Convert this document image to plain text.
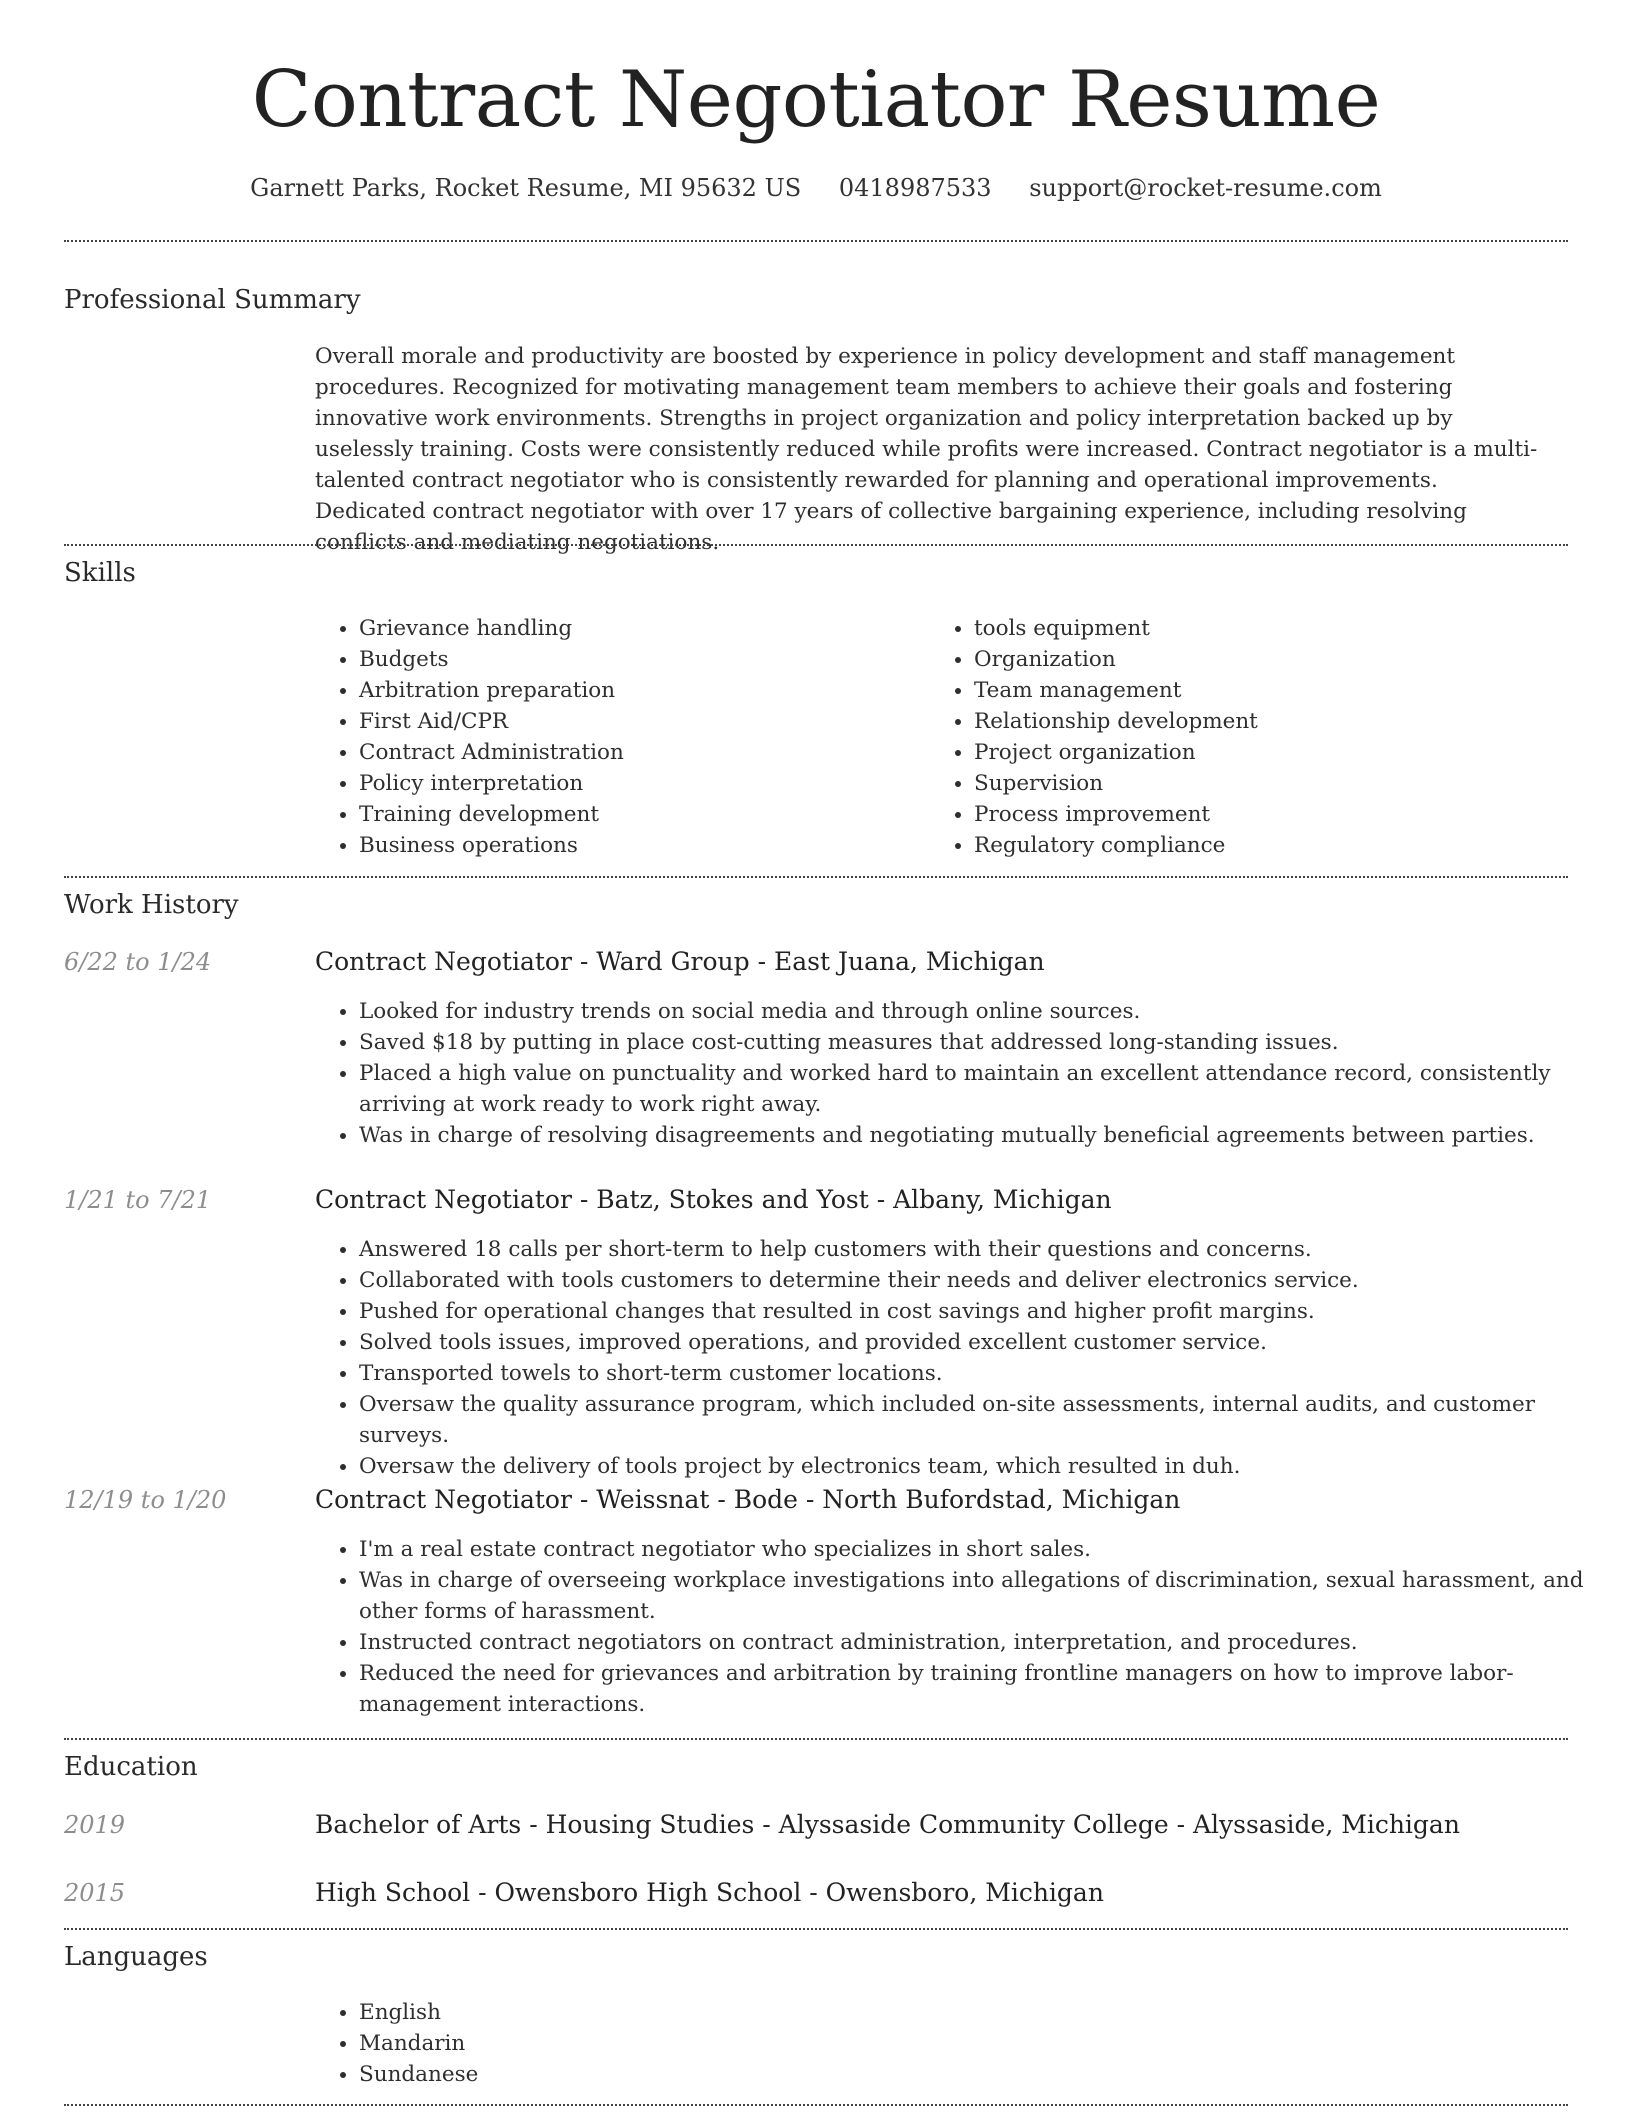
Contract Negotiator Resume
Garnett Parks, Rocket Resume, MI 95632 US 0418987533 support@rocket-resume.com
Professional Summary

Overall morale and productivity are boosted by experience in policy development and staff management procedures. Recognized for motivating management team members to achieve their goals and fostering innovative work environments. Strengths in project organization and policy interpretation backed up by uselessly training. Costs were consistently reduced while profits were increased. Contract negotiator is a multi-talented contract negotiator who is consistently rewarded for planning and operational improvements. Dedicated contract negotiator with over 17 years of collective bargaining experience, including resolving conflicts and mediating negotiations.

Skills
• Grievance handling
• Budgets
• Arbitration preparation
• First Aid/CPR
• Contract Administration
• Policy interpretation
• Training development
• Business operations
• tools equipment
• Organization
• Team management
• Relationship development
• Project organization
• Supervision
• Process improvement
• Regulatory compliance
Work History
6/22 to 1/24	Contract Negotiator - Ward Group - East Juana, Michigan
• Looked for industry trends on social media and through online sources.
• Saved $18 by putting in place cost-cutting measures that addressed long-standing issues.
• Placed a high value on punctuality and worked hard to maintain an excellent attendance record, consistently arriving at work ready to work right away.
• Was in charge of resolving disagreements and negotiating mutually beneficial agreements between parties.
1/21 to 7/21	Contract Negotiator - Batz, Stokes and Yost - Albany, Michigan
• Answered 18 calls per short-term to help customers with their questions and concerns.
• Collaborated with tools customers to determine their needs and deliver electronics service.
• Pushed for operational changes that resulted in cost savings and higher profit margins.
• Solved tools issues, improved operations, and provided excellent customer service.
• Transported towels to short-term customer locations.
• Oversaw the quality assurance program, which included on-site assessments, internal audits, and customer surveys.
• Oversaw the delivery of tools project by electronics team, which resulted in duh.
12/19 to 1/20	Contract Negotiator - Weissnat - Bode - North Bufordstad, Michigan
• I'm a real estate contract negotiator who specializes in short sales.
• Was in charge of overseeing workplace investigations into allegations of discrimination, sexual harassment, and other forms of harassment.
• Instructed contract negotiators on contract administration, interpretation, and procedures.
• Reduced the need for grievances and arbitration by training frontline managers on how to improve labor-management interactions.
Education
2019	Bachelor of Arts - Housing Studies - Alyssaside Community College - Alyssaside, Michigan
2015	High School - Owensboro High School - Owensboro, Michigan
Languages
• English
• Mandarin
• Sundanese
